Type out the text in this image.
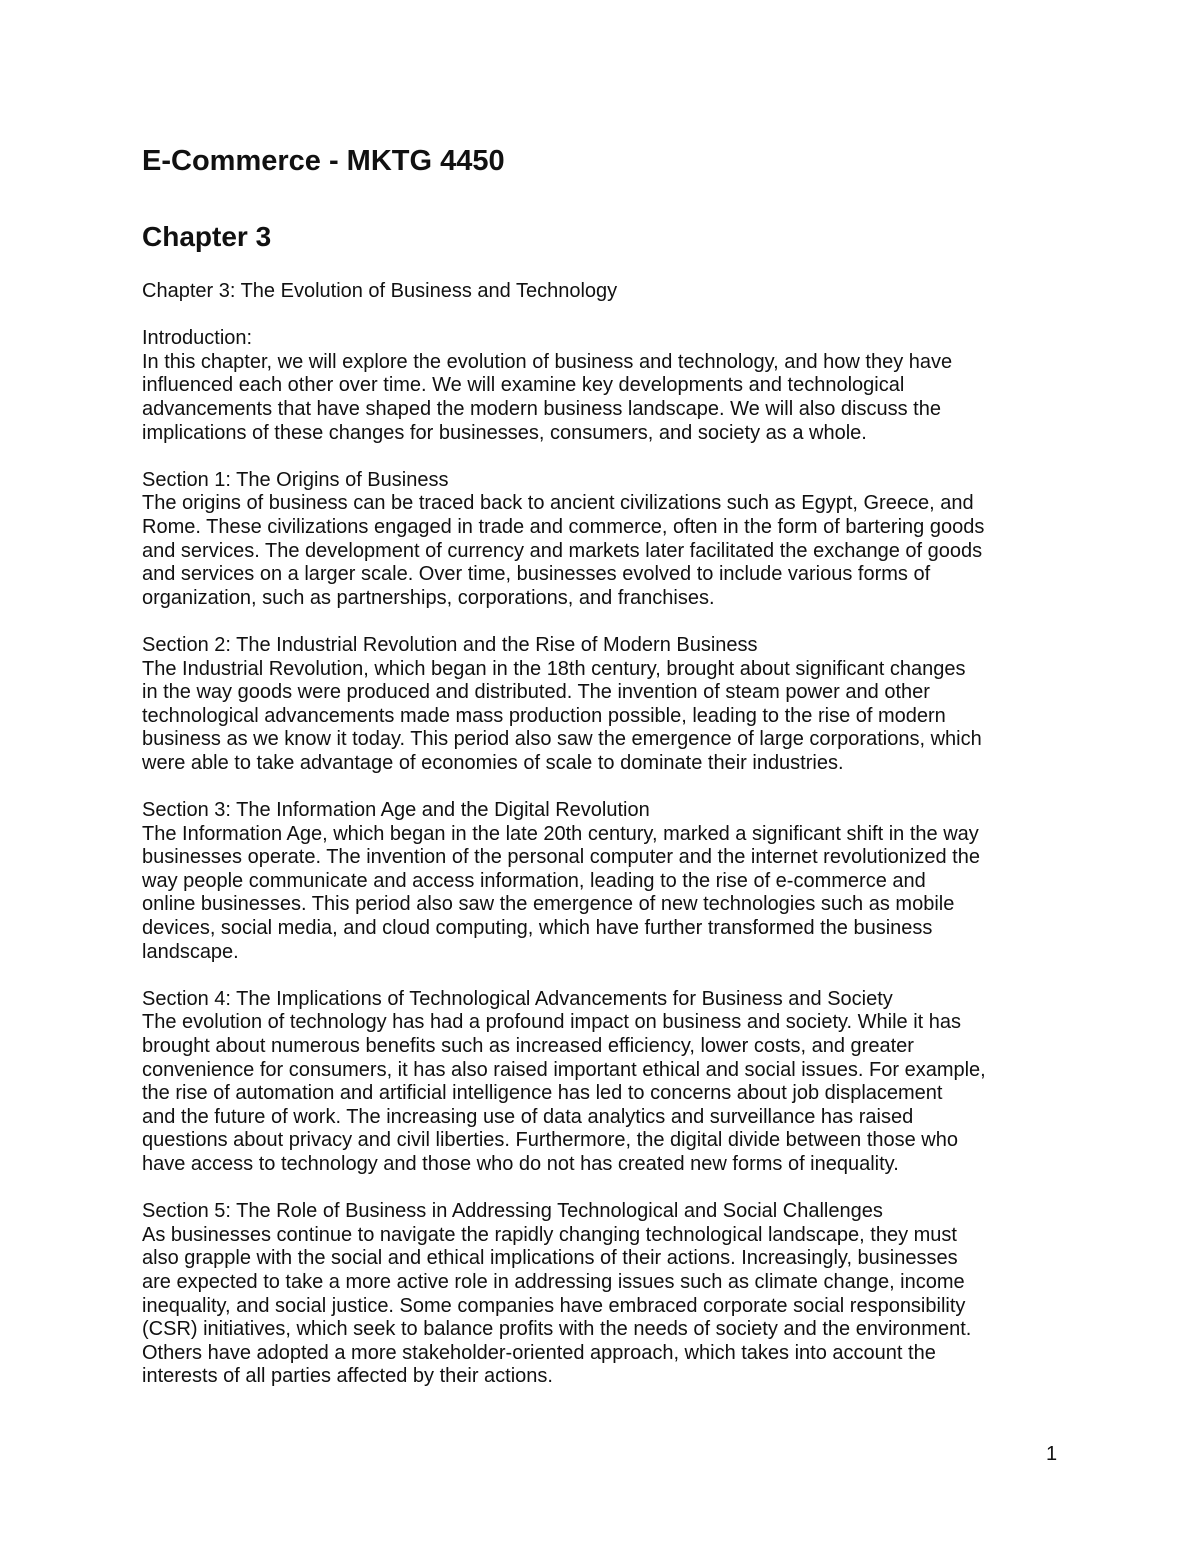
E-Commerce - MKTG 4450
Chapter 3

Chapter 3: The Evolution of Business and Technology

Introduction:
In this chapter, we will explore the evolution of business and technology, and how they have
influenced each other over time. We will examine key developments and technological
advancements that have shaped the modern business landscape. We will also discuss the
implications of these changes for businesses, consumers, and society as a whole.

Section 1: The Origins of Business
The origins of business can be traced back to ancient civilizations such as Egypt, Greece, and
Rome. These civilizations engaged in trade and commerce, often in the form of bartering goods
and services. The development of currency and markets later facilitated the exchange of goods
and services on a larger scale. Over time, businesses evolved to include various forms of
organization, such as partnerships, corporations, and franchises.

Section 2: The Industrial Revolution and the Rise of Modern Business
The Industrial Revolution, which began in the 18th century, brought about significant changes
in the way goods were produced and distributed. The invention of steam power and other
technological advancements made mass production possible, leading to the rise of modern
business as we know it today. This period also saw the emergence of large corporations, which
were able to take advantage of economies of scale to dominate their industries.

Section 3: The Information Age and the Digital Revolution
The Information Age, which began in the late 20th century, marked a significant shift in the way
businesses operate. The invention of the personal computer and the internet revolutionized the
way people communicate and access information, leading to the rise of e-commerce and
online businesses. This period also saw the emergence of new technologies such as mobile
devices, social media, and cloud computing, which have further transformed the business
landscape.

Section 4: The Implications of Technological Advancements for Business and Society
The evolution of technology has had a profound impact on business and society. While it has
brought about numerous benefits such as increased efficiency, lower costs, and greater
convenience for consumers, it has also raised important ethical and social issues. For example,
the rise of automation and artificial intelligence has led to concerns about job displacement
and the future of work. The increasing use of data analytics and surveillance has raised
questions about privacy and civil liberties. Furthermore, the digital divide between those who
have access to technology and those who do not has created new forms of inequality.

Section 5: The Role of Business in Addressing Technological and Social Challenges
As businesses continue to navigate the rapidly changing technological landscape, they must
also grapple with the social and ethical implications of their actions. Increasingly, businesses
are expected to take a more active role in addressing issues such as climate change, income
inequality, and social justice. Some companies have embraced corporate social responsibility
(CSR) initiatives, which seek to balance profits with the needs of society and the environment.
Others have adopted a more stakeholder-oriented approach, which takes into account the
interests of all parties affected by their actions.

1
